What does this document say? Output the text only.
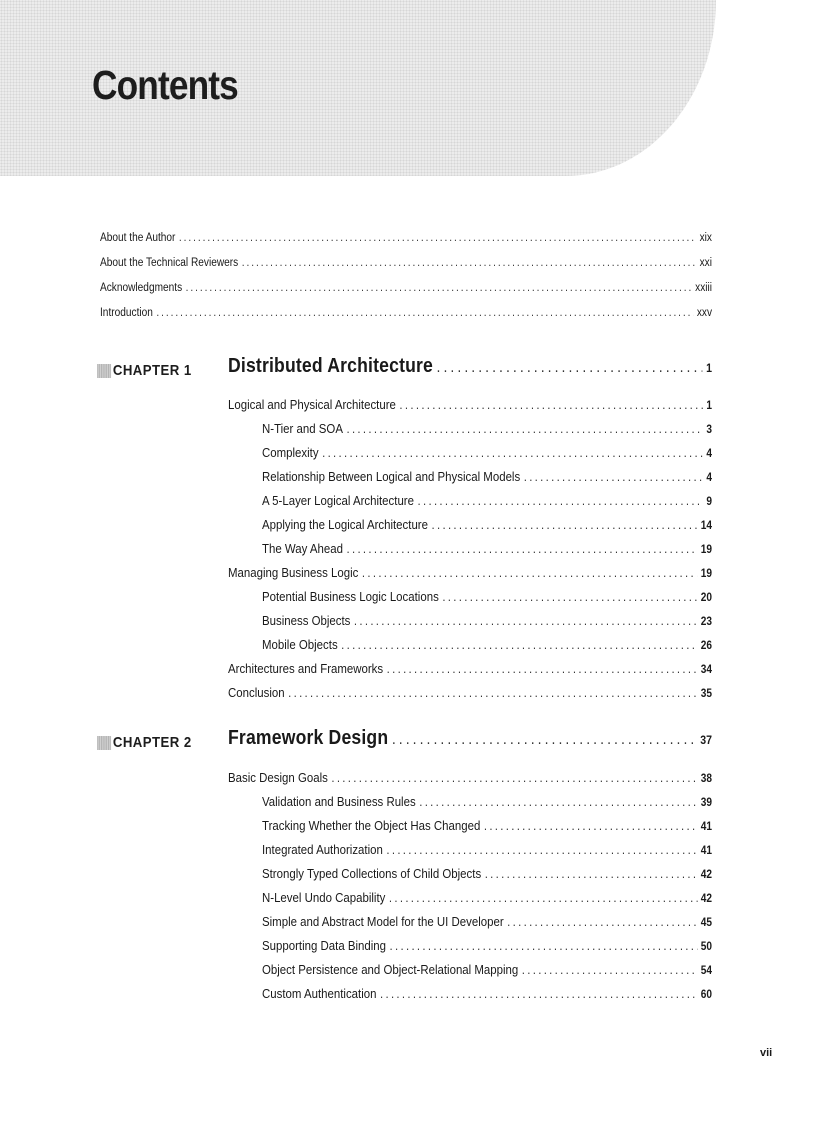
Contents
About the Author . . .	xix
About the Technical Reviewers . . .	xxi
Acknowledgments . . .	xxiii
Introduction . . .	xxv
CHAPTER 1 Distributed Architecture . . .	1
Logical and Physical Architecture . . .	1
N-Tier and SOA . . .	3
Complexity . . .	4
Relationship Between Logical and Physical Models . . .	4
A 5-Layer Logical Architecture . . .	9
Applying the Logical Architecture . . .	14
The Way Ahead . . .	19
Managing Business Logic . . .	19
Potential Business Logic Locations . . .	20
Business Objects . . .	23
Mobile Objects . . .	26
Architectures and Frameworks . . .	34
Conclusion . . .	35
CHAPTER 2 Framework Design . . .	37
Basic Design Goals . . .	38
Validation and Business Rules . . .	39
Tracking Whether the Object Has Changed . . .	41
Integrated Authorization . . .	41
Strongly Typed Collections of Child Objects . . .	42
N-Level Undo Capability . . .	42
Simple and Abstract Model for the UI Developer . . .	45
Supporting Data Binding . . .	50
Object Persistence and Object-Relational Mapping . . .	54
Custom Authentication . . .	60
vii
